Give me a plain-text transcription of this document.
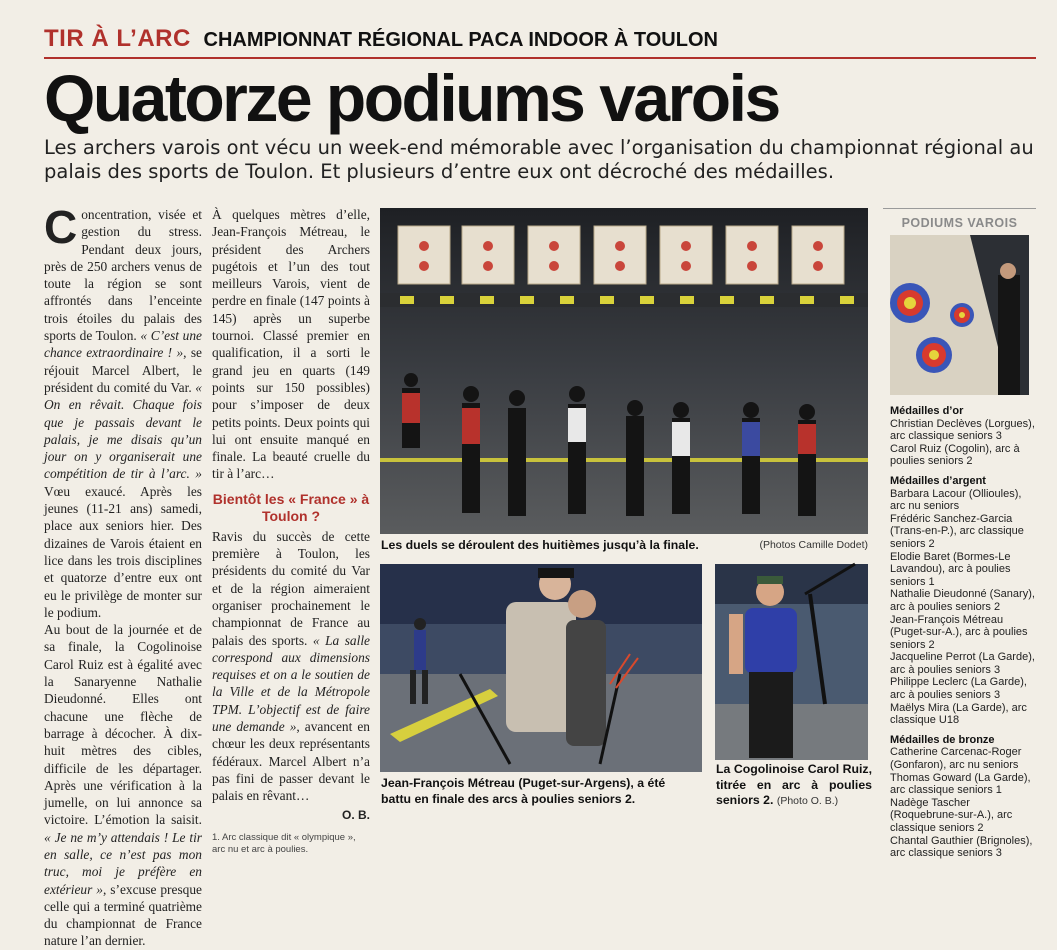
TIR À L’ARC CHAMPIONNAT RÉGIONAL PACA INDOOR À TOULON
Quatorze podiums varois

Les archers varois ont vécu un week-end mémorable avec l’organisation du championnat régional au palais des sports de Toulon. Et plusieurs d’entre eux ont décroché des médailles.

Concentration, visée et gestion du stress. Pendant deux jours, près de 250 archers venus de toute la région se sont affrontés dans l’enceinte trois étoiles du palais des sports de Toulon. « C’est une chance extraordinaire ! », se réjouit Marcel Albert, le président du comité du Var. « On en rêvait. Chaque fois que je passais devant le palais, je me disais qu’un jour on y organiserait une compétition de tir à l’arc. » Vœu exaucé. Après les jeunes (11-21 ans) samedi, place aux seniors hier. Des dizaines de Varois étaient en lice dans les trois disciplines et quatorze d’entre eux ont eu le privilège de monter sur le podium.

Au bout de la journée et de sa finale, la Cogolinoise Carol Ruiz est à égalité avec la Sanaryenne Nathalie Dieudonné. Elles ont chacune une flèche de barrage à décocher. À dix-huit mètres des cibles, difficile de les départager. Après une vérification à la jumelle, on lui annonce sa victoire. L’émotion la saisit. « Je ne m’y attendais ! Le tir en salle, ce n’est pas mon truc, moi je préfère en extérieur », s’excuse presque celle qui a terminé quatrième du championnat de France nature l’an dernier.

À quelques mètres d’elle, Jean-François Métreau, le président des Archers pugétois et l’un des tout meilleurs Varois, vient de perdre en finale (147 points à 145) après un superbe tournoi. Classé premier en qualification, il a sorti le grand jeu en quarts (149 points sur 150 possibles) pour s’imposer de deux petits points. Deux points qui lui ont ensuite manqué en finale. La beauté cruelle du tir à l’arc…

Bientôt les « France » à Toulon ?

Ravis du succès de cette première à Toulon, les présidents du comité du Var et de la région aimeraient organiser prochainement le championnat de France au palais des sports. « La salle correspond aux dimensions requises et on a le soutien de la Ville et de la Métropole TPM. L’objectif est de faire une demande », avancent en chœur les deux représentants fédéraux. Marcel Albert n’a pas fini de passer devant le palais en rêvant…

O. B.
1. Arc classique dit « olympique », arc nu et arc à poulies.
Les duels se déroulent des huitièmes jusqu’à la finale.	(Photos Camille Dodet)
Jean-François Métreau (Puget-sur-Argens), a été battu en finale des arcs à poulies seniors 2.
La Cogolinoise Carol Ruiz, titrée en arc à poulies seniors 2. (Photo O. B.)
PODIUMS VAROIS
Médailles d’or
Christian Declèves (Lorgues), arc classique seniors 3
Carol Ruiz (Cogolin), arc à poulies seniors 2
Médailles d’argent
Barbara Lacour (Ollioules), arc nu seniors
Frédéric Sanchez-Garcia (Trans-en-P.), arc classique seniors 2
Elodie Baret (Bormes-Le Lavandou), arc à poulies seniors 1
Nathalie Dieudonné (Sanary), arc à poulies seniors 2
Jean-François Métreau (Puget-sur-A.), arc à poulies seniors 2
Jacqueline Perrot (La Garde), arc à poulies seniors 3
Philippe Leclerc (La Garde), arc à poulies seniors 3
Maëlys Mira (La Garde), arc classique U18
Médailles de bronze
Catherine Carcenac-Roger (Gonfaron), arc nu seniors
Thomas Goward (La Garde), arc classique seniors 1
Nadège Tascher (Roquebrune-sur-A.), arc classique seniors 2
Chantal Gauthier (Brignoles), arc classique seniors 3
